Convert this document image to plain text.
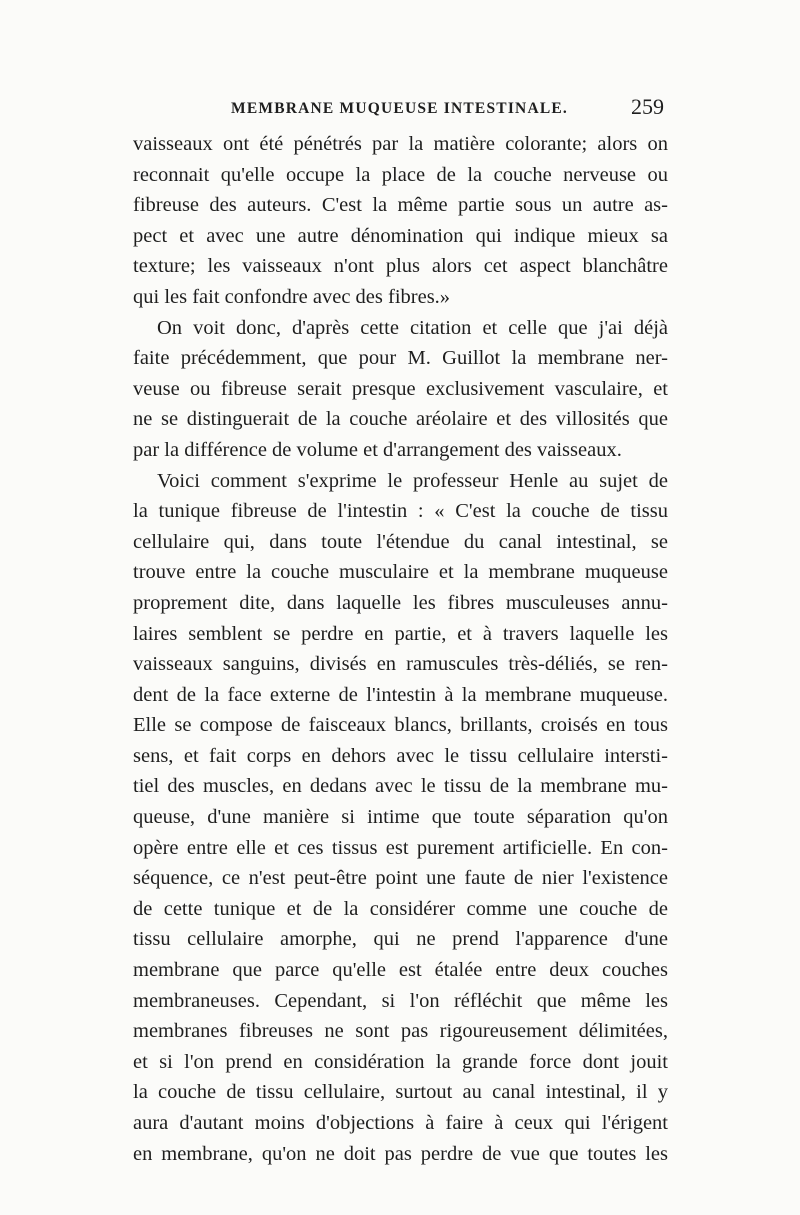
MEMBRANE MUQUEUSE INTESTINALE.	259
vaisseaux ont été pénétrés par la matière colorante; alors on
reconnait qu'elle occupe la place de la couche nerveuse ou
fibreuse des auteurs. C'est la même partie sous un autre as-
pect et avec une autre dénomination qui indique mieux sa
texture; les vaisseaux n'ont plus alors cet aspect blanchâtre
qui les fait confondre avec des fibres.»
On voit donc, d'après cette citation et celle que j'ai déjà
faite précédemment, que pour M. Guillot la membrane ner-
veuse ou fibreuse serait presque exclusivement vasculaire, et
ne se distinguerait de la couche aréolaire et des villosités que
par la différence de volume et d'arrangement des vaisseaux.
Voici comment s'exprime le professeur Henle au sujet de
la tunique fibreuse de l'intestin : « C'est la couche de tissu
cellulaire qui, dans toute l'étendue du canal intestinal, se
trouve entre la couche musculaire et la membrane muqueuse
proprement dite, dans laquelle les fibres musculeuses annu-
laires semblent se perdre en partie, et à travers laquelle les
vaisseaux sanguins, divisés en ramuscules très-déliés, se ren-
dent de la face externe de l'intestin à la membrane muqueuse.
Elle se compose de faisceaux blancs, brillants, croisés en tous
sens, et fait corps en dehors avec le tissu cellulaire intersti-
tiel des muscles, en dedans avec le tissu de la membrane mu-
queuse, d'une manière si intime que toute séparation qu'on
opère entre elle et ces tissus est purement artificielle. En con-
séquence, ce n'est peut-être point une faute de nier l'existence
de cette tunique et de la considérer comme une couche de
tissu cellulaire amorphe, qui ne prend l'apparence d'une
membrane que parce qu'elle est étalée entre deux couches
membraneuses. Cependant, si l'on réfléchit que même les
membranes fibreuses ne sont pas rigoureusement délimitées,
et si l'on prend en considération la grande force dont jouit
la couche de tissu cellulaire, surtout au canal intestinal, il y
aura d'autant moins d'objections à faire à ceux qui l'érigent
en membrane, qu'on ne doit pas perdre de vue que toutes les
